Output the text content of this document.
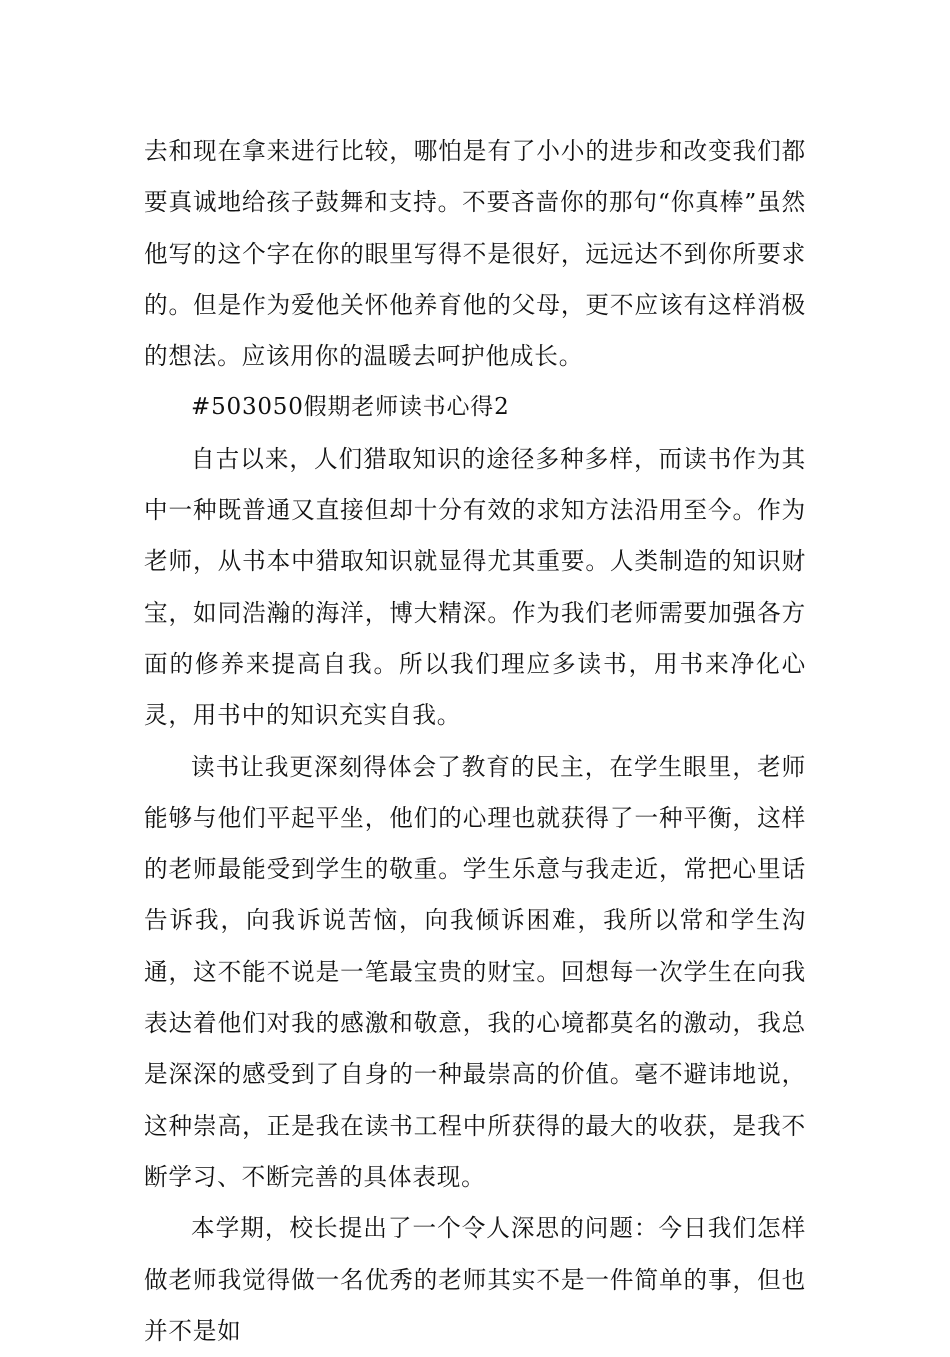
去和现在拿来进行比较，哪怕是有了小小的进步和改变我们都要真诚地给孩子鼓舞和支持。不要吝啬你的那句“你真棒”虽然他写的这个字在你的眼里写得不是很好，远远达不到你所要求的。但是作为爱他关怀他养育他的父母，更不应该有这样消极的想法。应该用你的温暖去呵护他成长。

#503050假期老师读书心得2

自古以来，人们猎取知识的途径多种多样，而读书作为其中一种既普通又直接但却十分有效的求知方法沿用至今。作为老师，从书本中猎取知识就显得尤其重要。人类制造的知识财宝，如同浩瀚的海洋，博大精深。作为我们老师需要加强各方面的修养来提高自我。所以我们理应多读书，用书来净化心灵，用书中的知识充实自我。

读书让我更深刻得体会了教育的民主，在学生眼里，老师能够与他们平起平坐，他们的心理也就获得了一种平衡，这样的老师最能受到学生的敬重。学生乐意与我走近，常把心里话告诉我，向我诉说苦恼，向我倾诉困难，我所以常和学生沟通，这不能不说是一笔最宝贵的财宝。回想每一次学生在向我表达着他们对我的感激和敬意，我的心境都莫名的激动，我总是深深的感受到了自身的一种最崇高的价值。毫不避讳地说，这种崇高，正是我在读书工程中所获得的最大的收获，是我不断学习、不断完善的具体表现。

本学期，校长提出了一个令人深思的问题：今日我们怎样做老师我觉得做一名优秀的老师其实不是一件简单的事，但也并不是如
